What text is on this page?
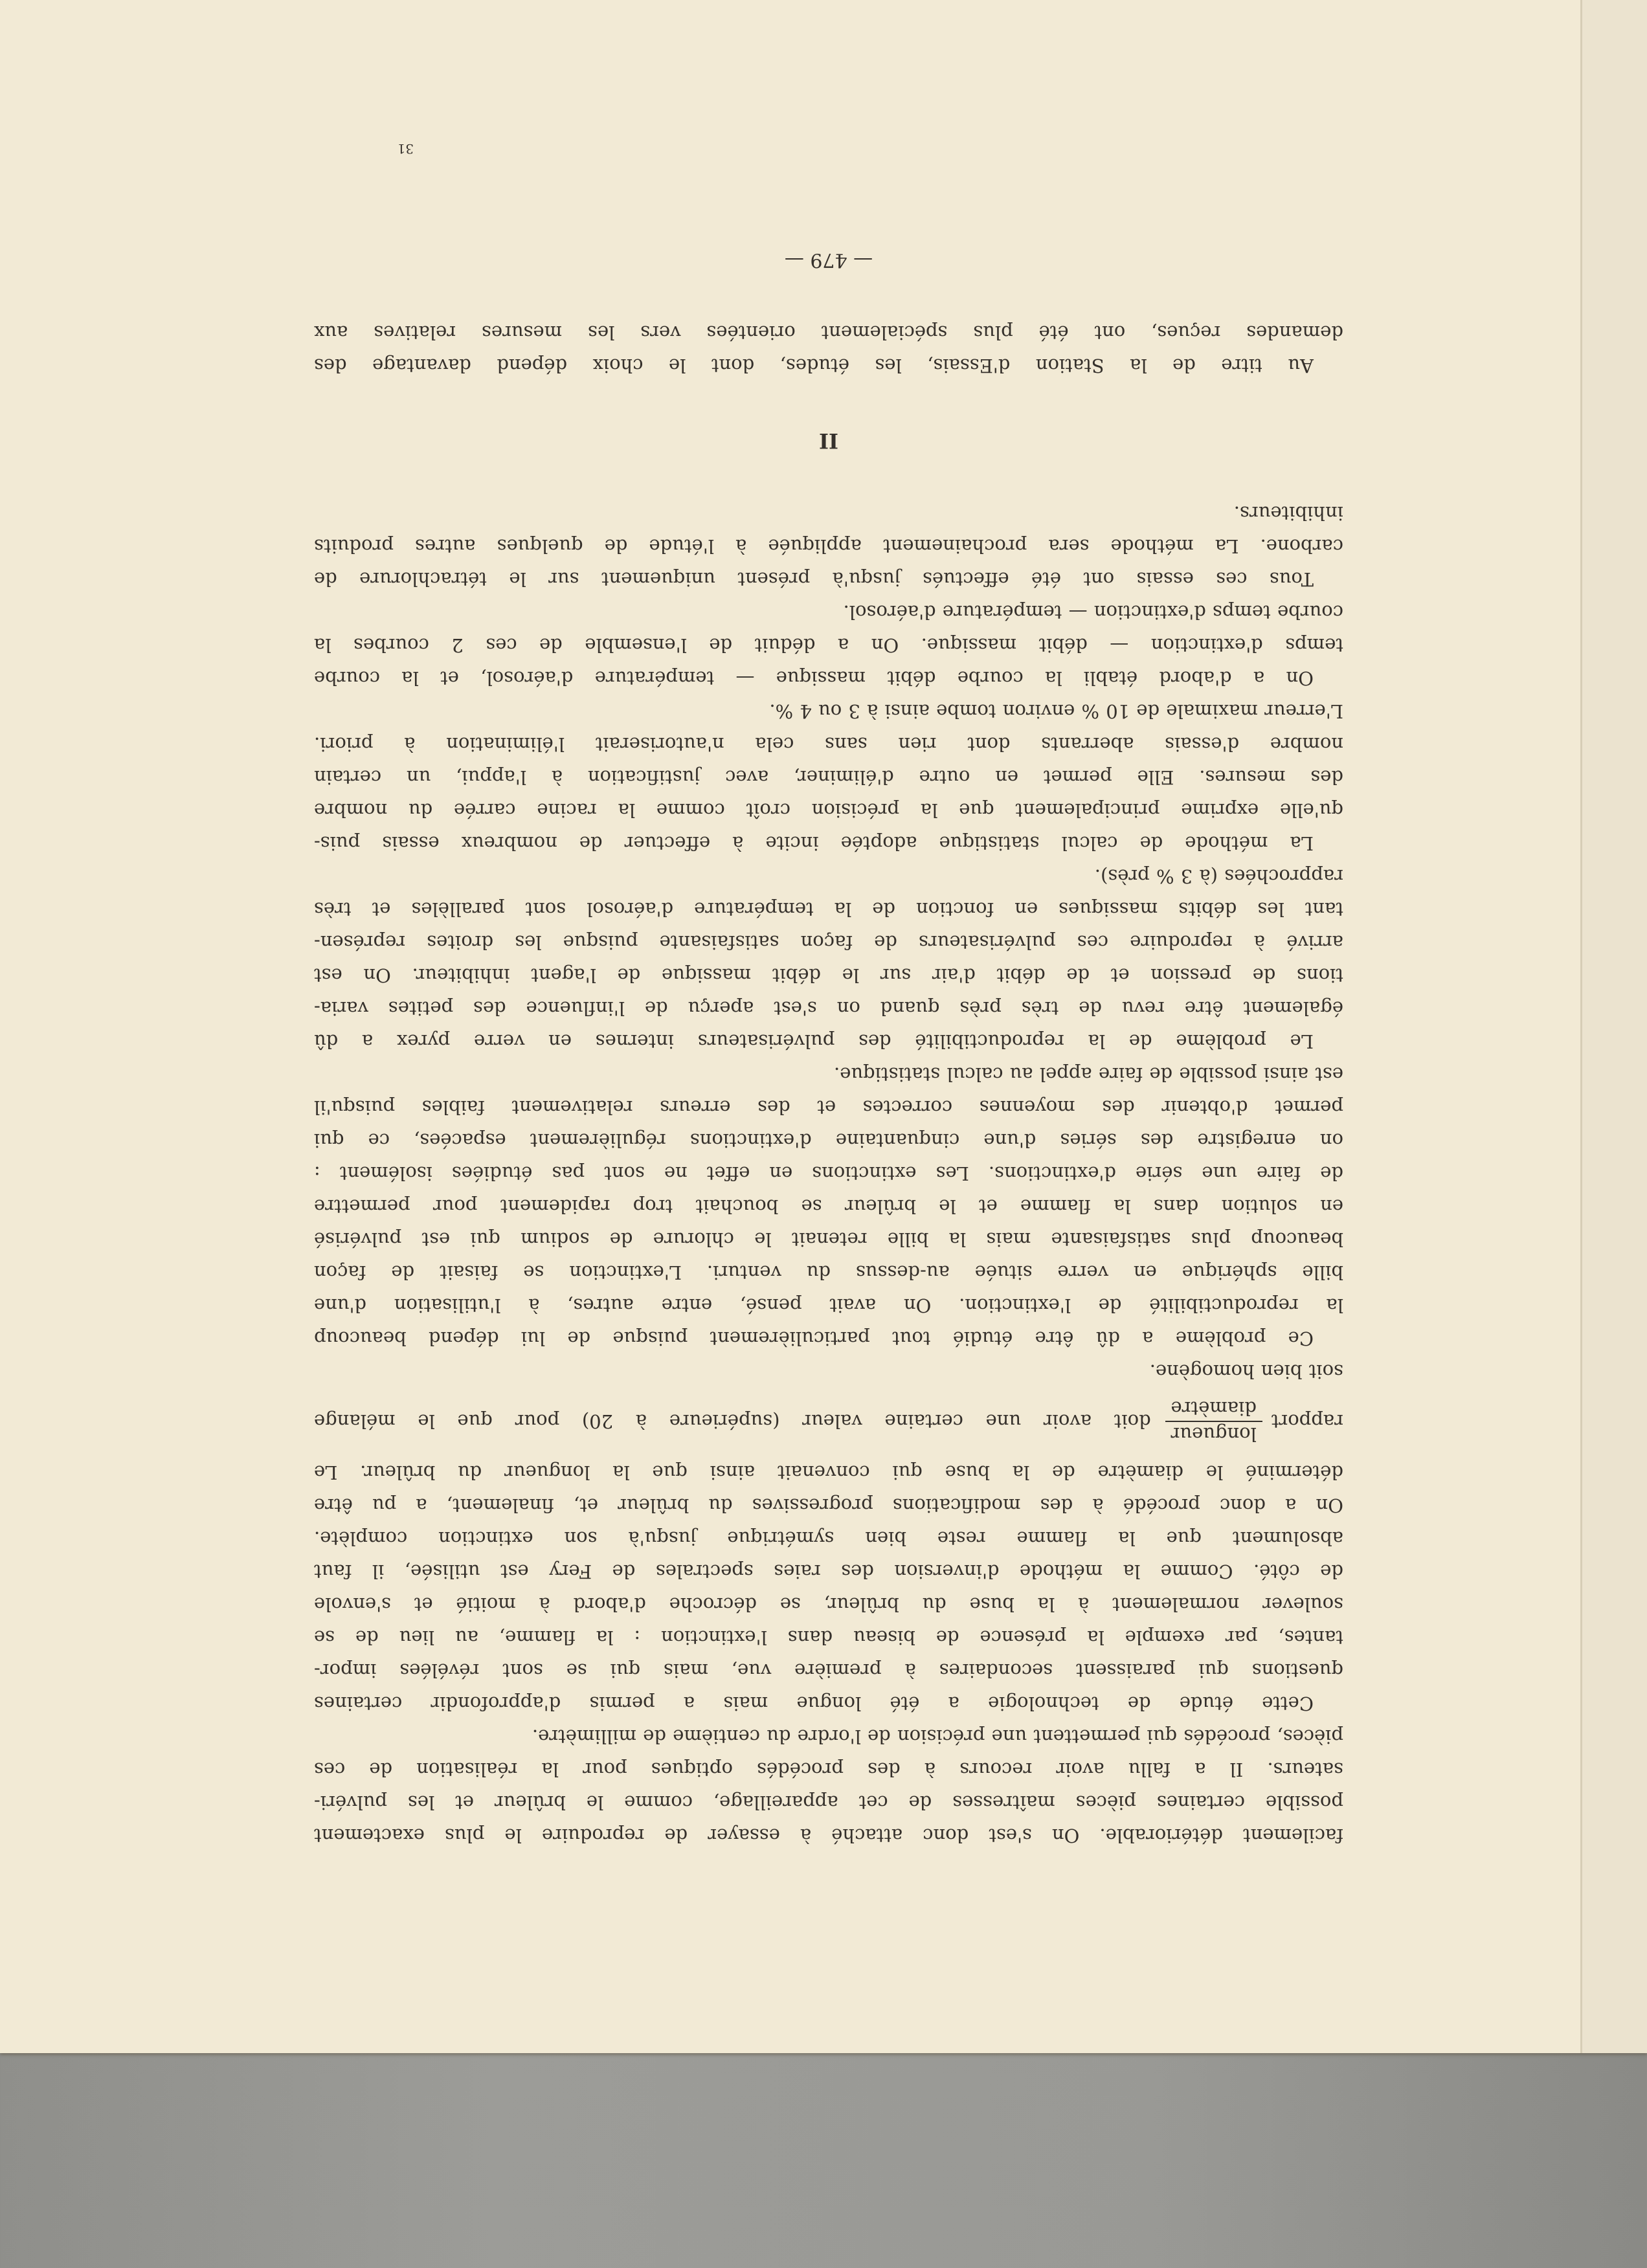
facilement détériorable. On s'est donc attaché à essayer de reproduire le plus exactement
possible certaines pièces maîtresses de cet appareillage, comme le brûleur et les pulvéri-
sateurs. Il a fallu avoir recours à des procédés optiques pour la réalisation de ces
pièces, procédés qui permettent une précision de l'ordre du centième de millimètre.
Cette étude de technologie a été longue mais a permis d'approfondir certaines
questions qui paraissent secondaires à première vue, mais qui se sont révélées impor-
tantes, par exemple la présence de biseau dans l'extinction : la flamme, au lieu de se
soulever normalement à la buse du brûleur, se décroche d'abord à moitié et s'envole
de côté. Comme la méthode d'inversion des raies spectrales de Fery est utilisée, il faut
absolument que la flamme reste bien symétrique jusqu'à son extinction complète.
On a donc procédé à des modifications progressives du brûleur et, finalement, a pu être
déterminé le diamètre de la buse qui convenait ainsi que la longueur du brûleur. Le
rapport
longueur
diamètre
doit avoir une certaine valeur (supérieure à 20) pour que le mélange
soit bien homogène.
Ce problème a dû être étudié tout particulièrement puisque de lui dépend beaucoup
la reproductibilité de l'extinction. On avait pensé, entre autres, à l'utilisation d'une
bille sphérique en verre située au-dessus du venturi. L'extinction se faisait de façon
beaucoup plus satisfaisante mais la bille retenait le chlorure de sodium qui est pulvérisé
en solution dans la flamme et le brûleur se bouchait trop rapidement pour permettre
de faire une série d'extinctions. Les extinctions en effet ne sont pas étudiées isolément :
on enregistre des séries d'une cinquantaine d'extinctions régulièrement espacées, ce qui
permet d'obtenir des moyennes correctes et des erreurs relativement faibles puisqu'il
est ainsi possible de faire appel au calcul statistique.
Le problème de la reproductibilité des pulvérisateurs internes en verre pyrex a dû
également être revu de très près quand on s'est aperçu de l'influence des petites varia-
tions de pression et de débit d'air sur le débit massique de l'agent inhibiteur. On est
arrivé à reproduire ces pulvérisateurs de façon satisfaisante puisque les droites représen-
tant les débits massiques en fonction de la température d'aérosol sont parallèles et très
rapprochées (à 3 % près).
La méthode de calcul statistique adoptée incite à effectuer de nombreux essais puis-
qu'elle exprime principalement que la précision croît comme la racine carrée du nombre
des mesures. Elle permet en outre d'éliminer, avec justification à l'appui, un certain
nombre d'essais aberrants dont rien sans cela n'autoriserait l'élimination à priori.
L'erreur maximale de 10 % environ tombe ainsi à 3 ou 4 %.
On a d'abord établi la courbe débit massique — température d'aérosol, et la courbe
temps d'extinction — débit massique. On a déduit de l'ensemble de ces 2 courbes la
courbe temps d'extinction — température d'aérosol.
Tous ces essais ont été effectués jusqu'à présent uniquement sur le tétrachlorure de
carbone. La méthode sera prochainement appliquée à l'étude de quelques autres produits
inhibiteurs.
II
Au titre de la Station d'Essais, les études, dont le choix dépend davantage des
demandes reçues, ont été plus spécialement orientées vers les mesures relatives aux
— 479 —
31
